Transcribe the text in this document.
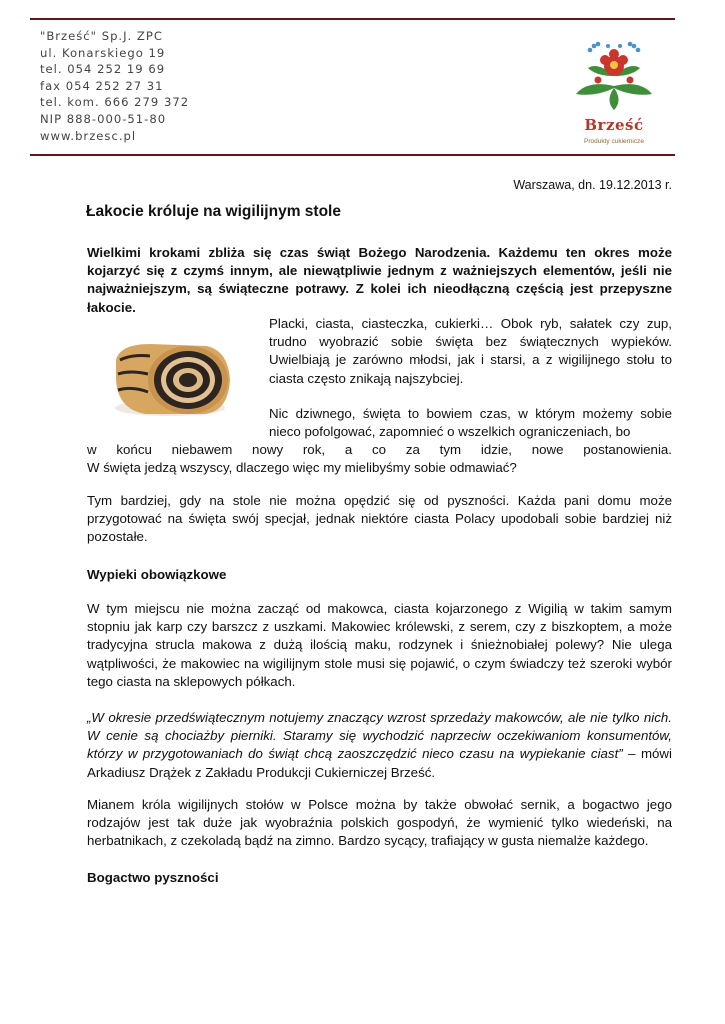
"Brześć" Sp.J. ZPC
ul. Konarskiego 19
tel. 054 252 19 69
fax 054 252 27 31
tel. kom. 666 279 372
NIP 888-000-51-80
www.brzesc.pl
Brześć
Produkty cukiernicze
Warszawa, dn. 19.12.2013 r.
Łakocie króluje na wigilijnym stole

Wielkimi krokami zbliża się czas świąt Bożego Narodzenia. Każdemu ten okres może kojarzyć się z czymś innym, ale niewątpliwie jednym z ważniejszych elementów, jeśli nie najważniejszym, są świąteczne potrawy. Z kolei ich nieodłączną częścią jest przepyszne łakocie.

Placki, ciasta, ciasteczka, cukierki… Obok ryb, sałatek czy zup, trudno wyobrazić sobie święta bez świątecznych wypieków. Uwielbiają je zarówno młodsi, jak i starsi, a z wigilijnego stołu to ciasta często znikają najszybciej.

Nic dziwnego, święta to bowiem czas, w którym możemy sobie nieco pofolgować, zapomnieć o wszelkich ograniczeniach, bo

w końcu niebawem nowy rok, a co za tym idzie, nowe postanowienia.

W święta jedzą wszyscy, dlaczego więc my mielibyśmy sobie odmawiać?

Tym bardziej, gdy na stole nie można opędzić się od pyszności. Każda pani domu może przygotować na święta swój specjał, jednak niektóre ciasta Polacy upodobali sobie bardziej niż pozostałe.

Wypieki obowiązkowe

W tym miejscu nie można zacząć od makowca, ciasta kojarzonego z Wigilią w takim samym stopniu jak karp czy barszcz z uszkami. Makowiec królewski, z serem, czy z biszkoptem, a może tradycyjna strucla makowa z dużą ilością maku, rodzynek i śnieżnobiałej polewy? Nie ulega wątpliwości, że makowiec na wigilijnym stole musi się pojawić, o czym świadczy też szeroki wybór tego ciasta na sklepowych półkach.

„W okresie przedświątecznym notujemy znaczący wzrost sprzedaży makowców, ale nie tylko nich. W cenie są chociażby pierniki. Staramy się wychodzić naprzeciw oczekiwaniom konsumentów, którzy w przygotowaniach do świąt chcą zaoszczędzić nieco czasu na wypiekanie ciast” – mówi Arkadiusz Drążek z Zakładu Produkcji Cukierniczej Brześć.

Mianem króla wigilijnych stołów w Polsce można by także obwołać sernik, a bogactwo jego rodzajów jest tak duże jak wyobraźnia polskich gospodyń, że wymienić tylko wiedeński, na herbatnikach, z czekoladą bądź na zimno. Bardzo sycący, trafiający w gusta niemalże każdego.

Bogactwo pyszności
